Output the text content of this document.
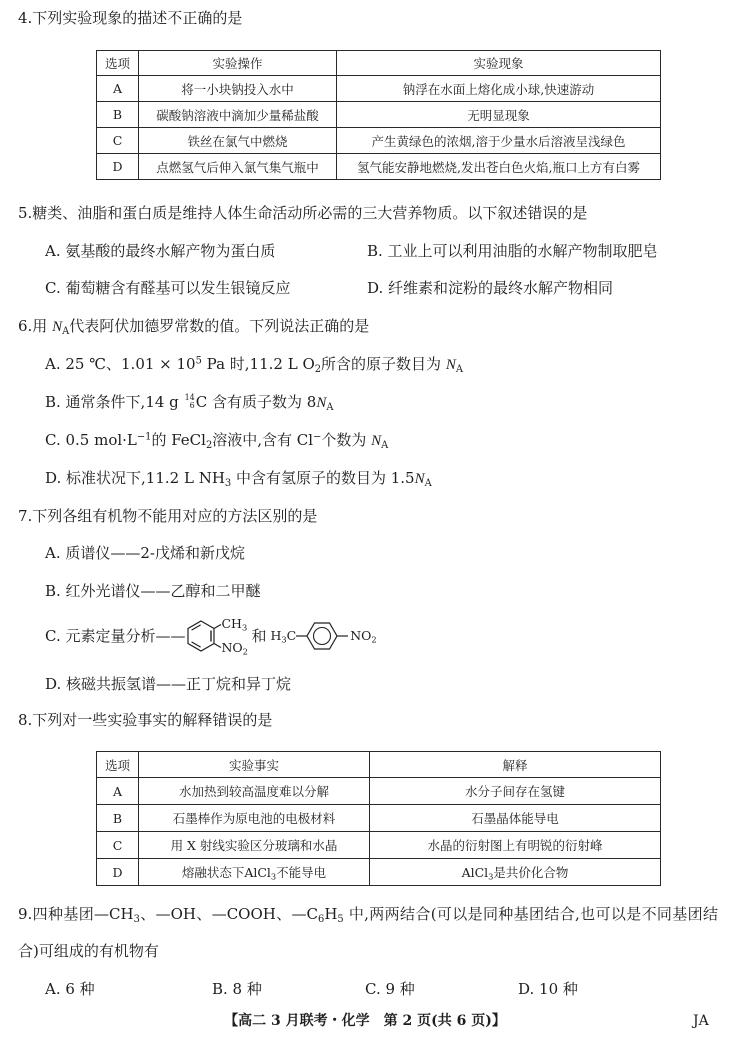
4.下列实验现象的描述不正确的是
选项	实验操作	实验现象
A	将一小块钠投入水中	钠浮在水面上熔化成小球,快速游动
B	碳酸钠溶液中滴加少量稀盐酸	无明显现象
C	铁丝在氯气中燃烧	产生黄绿色的浓烟,溶于少量水后溶液呈浅绿色
D	点燃氢气后伸入氯气集气瓶中	氢气能安静地燃烧,发出苍白色火焰,瓶口上方有白雾
5.糖类、油脂和蛋白质是维持人体生命活动所必需的三大营养物质。以下叙述错误的是
A. 氨基酸的最终水解产物为蛋白质	B. 工业上可以利用油脂的水解产物制取肥皂
C. 葡萄糖含有醛基可以发生银镜反应	D. 纤维素和淀粉的最终水解产物相同
6.用 $N_A$代表阿伏加德罗常数的值。下列说法正确的是
A. 25 ℃、$1.01 \times 10^5$ Pa 时,11.2 L $O_2$所含的原子数目为 $N_A$
B. 通常条件下,14 g 14
6 C 含有质子数为 $8N_A$
C. 0.5 $mol\cdot L^{-1}$的 FeCl$_2$溶液中,含有 Cl−个数为 $N_A$
D. 标准状况下,11.2 L $NH_3$ 中含有氢原子的数目为 $1.5N_A$
7.下列各组有机物不能用对应的方法区别的是
A. 质谱仪——2-戊烯和新戊烷
B. 红外光谱仪——乙醇和二甲醚
C. 元素定量分析——
$CH_3$
$NO_2$
和 $H_3C$	$NO_2$
D. 核磁共振氢谱——正丁烷和异丁烷
8.下列对一些实验事实的解释错误的是
选项	实验事实	解释
A	水加热到较高温度难以分解	水分子间存在氢键
B	石墨棒作为原电池的电极材料	石墨晶体能导电
C	用 X 射线实验区分玻璃和水晶	水晶的衍射图上有明锐的衍射峰
D	熔融状态下AlCl$_3$不能导电	AlCl$_3$是共价化合物
9.四种基团$—CH_3$、—OH、—COOH、$—C_6H_5$ 中,两两结合(可以是同种基团结合,也可以是不同基团结
合)可组成的有机物有
A. 6 种	B. 8 种	C. 9 种	D. 10 种
【高二 3 月联考・化学　第 2 页(共 6 页)】	JA
